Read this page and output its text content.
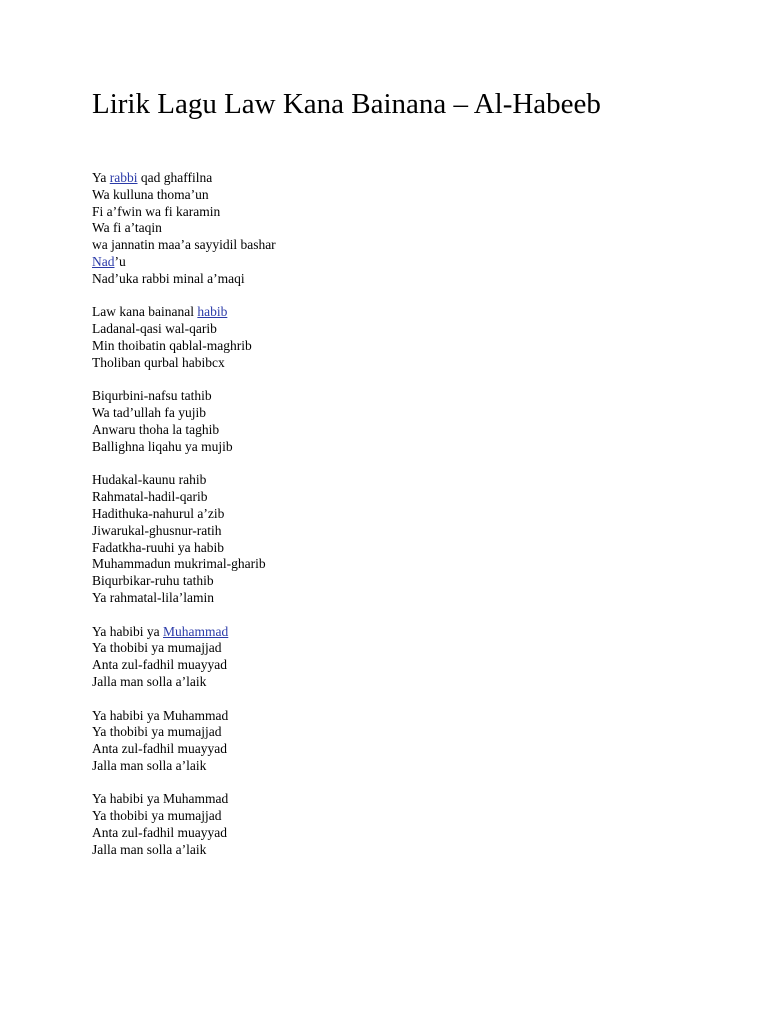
Lirik Lagu Law Kana Bainana – Al-Habeeb
Ya rabbi qad ghaffilna
Wa kulluna thoma’un
Fi a’fwin wa fi karamin
Wa fi a’taqin
wa jannatin maa’a sayyidil bashar
Nad’u
Nad’uka rabbi minal a’maqi
Law kana bainanal habib
Ladanal-qasi wal-qarib
Min thoibatin qablal-maghrib
Tholiban qurbal habibcx
Biqurbini-nafsu tathib
Wa tad’ullah fa yujib
Anwaru thoha la taghib
Ballighna liqahu ya mujib
Hudakal-kaunu rahib
Rahmatal-hadil-qarib
Hadithuka-nahurul a’zib
Jiwarukal-ghusnur-ratih
Fadatkha-ruuhi ya habib
Muhammadun mukrimal-gharib
Biqurbikar-ruhu tathib
Ya rahmatal-lila’lamin
Ya habibi ya Muhammad
Ya thobibi ya mumajjad
Anta zul-fadhil muayyad
Jalla man solla a’laik
Ya habibi ya Muhammad
Ya thobibi ya mumajjad
Anta zul-fadhil muayyad
Jalla man solla a’laik
Ya habibi ya Muhammad
Ya thobibi ya mumajjad
Anta zul-fadhil muayyad
Jalla man solla a’laik
